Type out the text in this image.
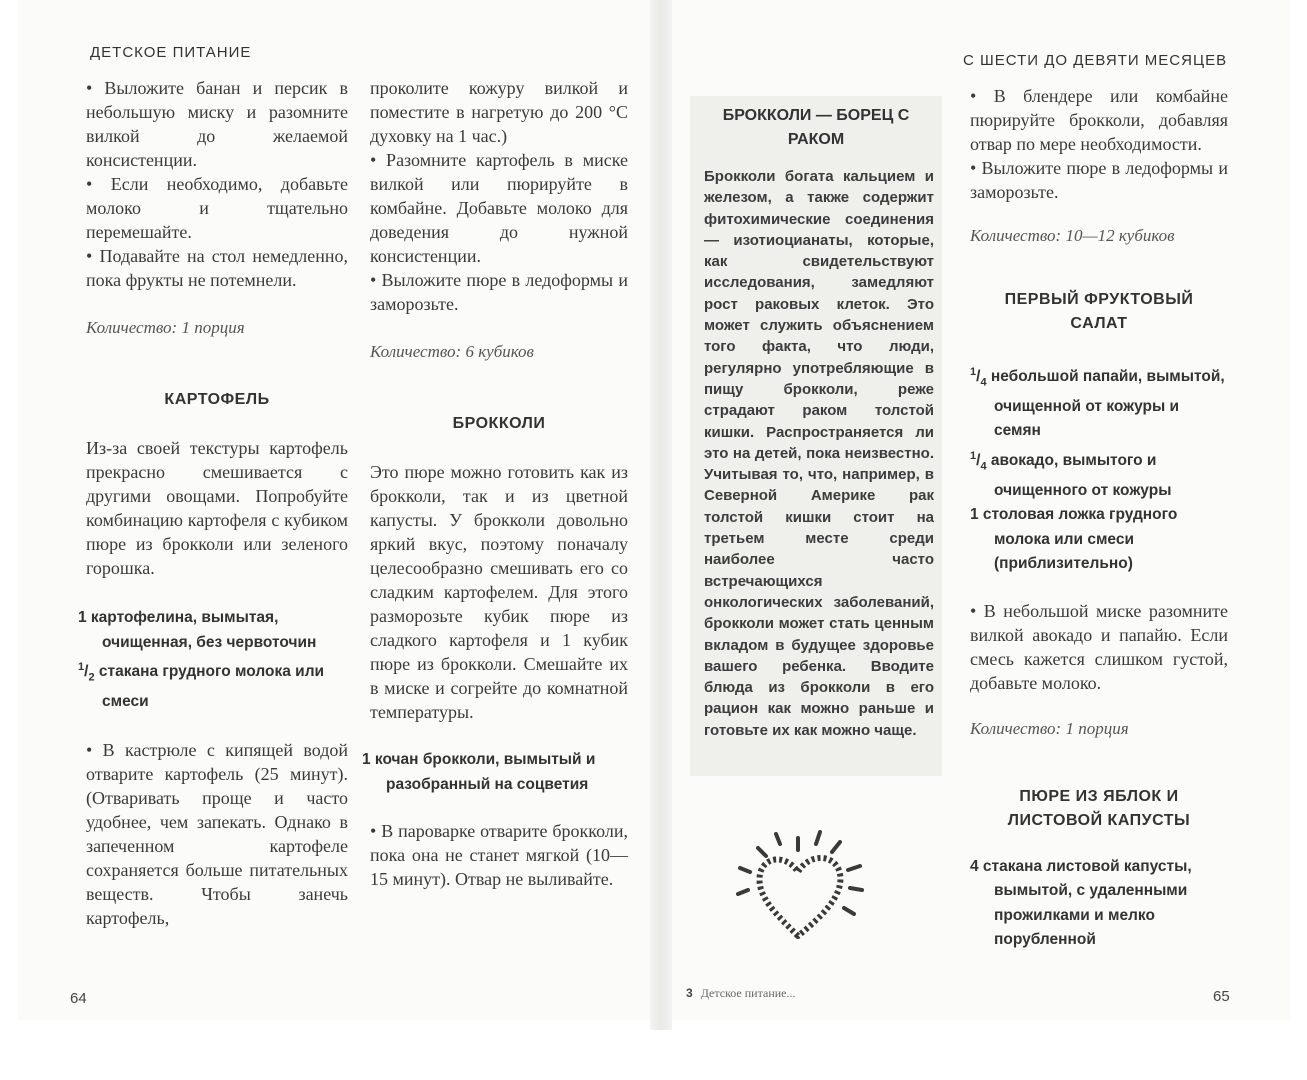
ДЕТСКОЕ ПИТАНИЕ

• Выложите банан и персик в небольшую миску и разомните вилкой до желаемой консистенции.

• Если необходимо, добавьте молоко и тщательно перемешайте.

• Подавайте на стол немедленно, пока фрукты не потемнели.

Количество: 1 порция
КАРТОФЕЛЬ

Из-за своей текстуры картофель прекрасно смешивается с другими овощами. Попробуйте комбинацию картофеля с кубиком пюре из брокколи или зеленого горошка.

1 картофелина, вымытая, очищенная, без червоточин
$^1/_2$ стакана грудного молока или смеси

• В кастрюле с кипящей водой отварите картофель (25 минут). (Отваривать проще и часто удобнее, чем запекать. Однако в запеченном картофеле сохраняется больше питательных веществ. Чтобы занечь картофель,

проколите кожуру вилкой и поместите в нагретую до 200 °С духовку на 1 час.)

• Разомните картофель в миске вилкой или пюрируйте в комбайне. Добавьте молоко для доведения до нужной консистенции.

• Выложите пюре в ледоформы и заморозьте.

Количество: 6 кубиков
БРОККОЛИ

Это пюре можно готовить как из брокколи, так и из цветной капусты. У брокколи довольно яркий вкус, поэтому поначалу целесообразно смешивать его со сладким картофелем. Для этого разморозьте кубик пюре из сладкого картофеля и 1 кубик пюре из брокколи. Смешайте их в миске и согрейте до комнатной температуры.

1 кочан брокколи, вымытый и разобранный на соцветия

• В пароварке отварите брокколи, пока она не станет мягкой (10—15 минут). Отвар не выливайте.

64
С ШЕСТИ ДО ДЕВЯТИ МЕСЯЦЕВ
БРОККОЛИ — БОРЕЦ С РАКОМ
Брокколи богата кальцием и железом, а также содержит фитохимические соединения — изотиоцианаты, которые, как свидетельствуют исследования, замедляют рост раковых клеток. Это может служить объяснением того факта, что люди, регулярно употребляющие в пищу брокколи, реже страдают раком толстой кишки. Распространяется ли это на детей, пока неизвестно. Учитывая то, что, например, в Северной Америке рак толстой кишки стоит на третьем месте среди наиболее часто встречающихся онкологических заболеваний, брокколи может стать ценным вкладом в будущее здоровье вашего ребенка. Вводите блюда из брокколи в его рацион как можно раньше и готовьте их как можно чаще.

• В блендере или комбайне пюрируйте брокколи, добавляя отвар по мере необходимости.

• Выложите пюре в ледоформы и заморозьте.

Количество: 10—12 кубиков
ПЕРВЫЙ ФРУКТОВЫЙ САЛАТ
$^1/_4$ небольшой папайи, вымытой, очищенной от кожуры и семян
$^1/_4$ авокадо, вымытого и очищенного от кожуры
1 столовая ложка грудного молока или смеси (приблизительно)

• В небольшой миске разомните вилкой авокадо и папайю. Если смесь кажется слишком густой, добавьте молоко.

Количество: 1 порция
ПЮРЕ ИЗ ЯБЛОК И ЛИСТОВОЙ КАПУСТЫ
4 стакана листовой капусты, вымытой, с удаленными прожилками и мелко порубленной
3 Детское питание...	65
